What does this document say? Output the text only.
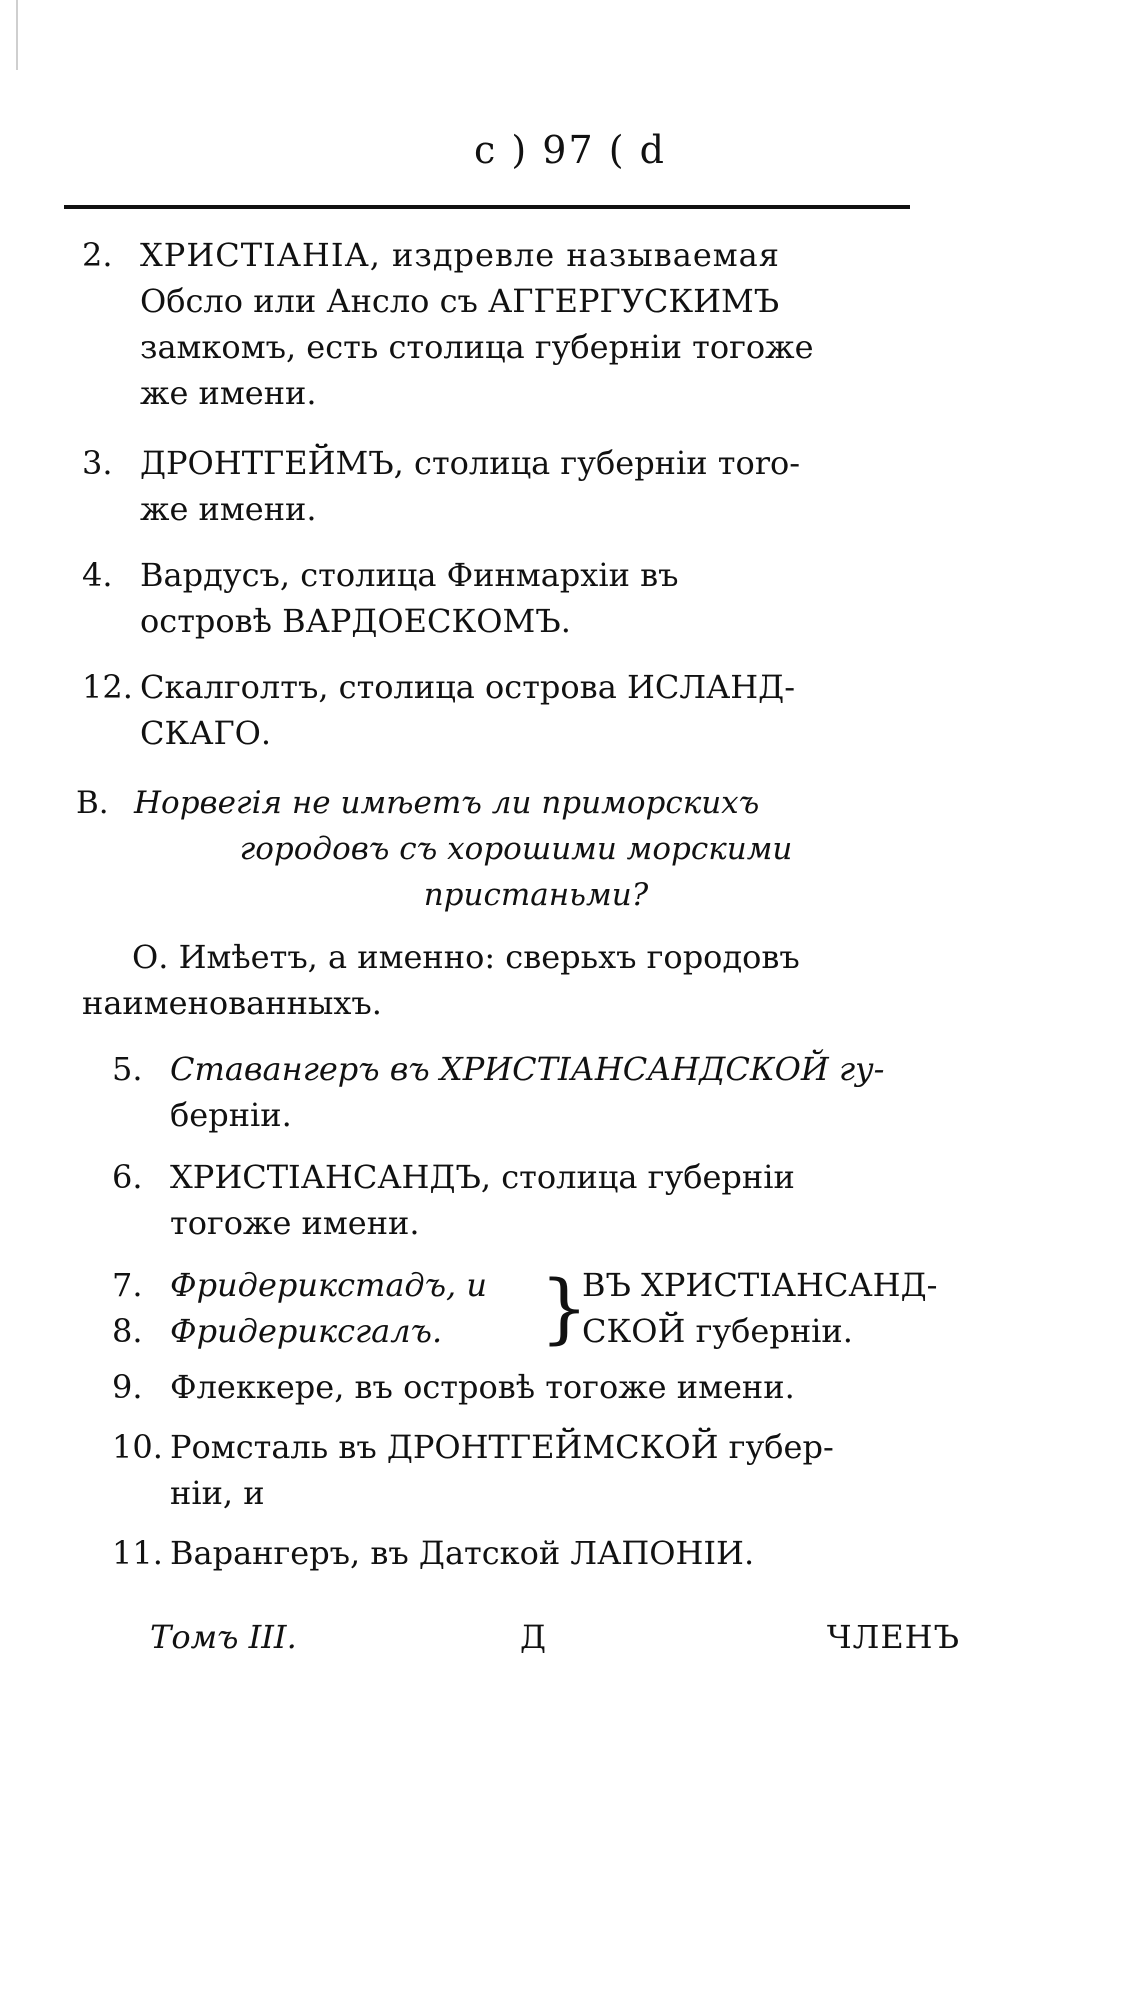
ⅽ ) 97 ( ⅾ
2. ХРИСТІАНІА, издревле называемая
Обсло или Анслo съ АГГЕРГУСКИМЪ
замкомъ, есть столица губерніи тогоже
же имени.
3. ДРОНТГЕЙМЪ, столица губерніи тоrо-
же имени.
4. Вардусъ, столица Финмархіи въ
островѣ ВАРДОЕСКОМЪ.
12. Скалголтъ, столица острова ИСЛАНД-
СКАГО.
В. Норвегія не имѣетъ ли приморскихъ
городовъ съ хорошими морскими
пристаньми?
О. Имѣетъ, а именно: сверьхъ городовъ
наименованныхъ.
5. Ставангеръ въ ХРИСТІАНСАНДСКОЙ гу-
берніи.
6. ХРИСТІАНСАНДЪ, столица губерніи
тогоже имени.
7. Фридерикстадъ, и
8. Фридериксгалъ.	}
ВЪ ХРИСТІАНСАНД-
СКОЙ губерніи.
9. Флеккере, въ островѣ тогоже имени.
10. Ромсталь въ ДРОНТГЕЙМСКОЙ губер-
ніи, и
11. Варангеръ, въ Датской ЛАПОНІИ.
Томъ III.	Д	ЧЛЕНЪ
